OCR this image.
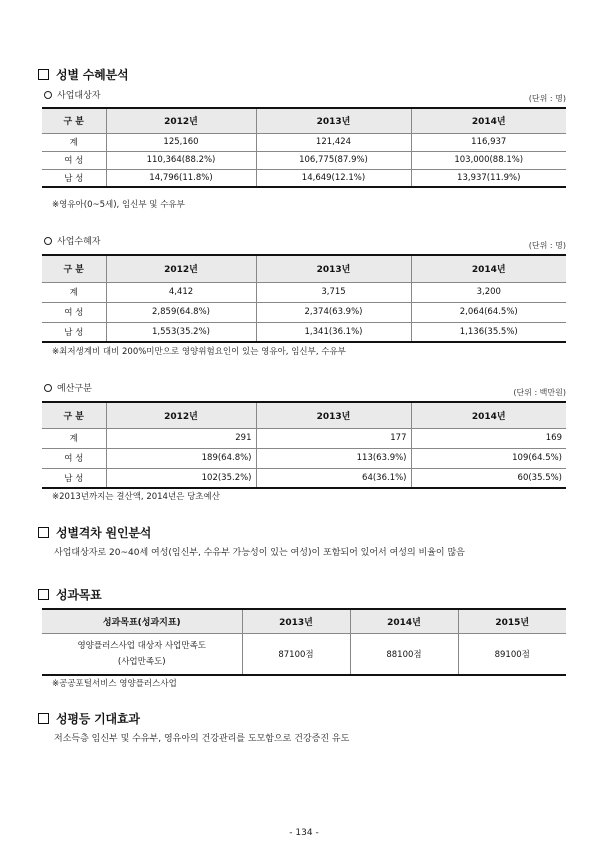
성별 수혜분석
사업대상자	(단위 : 명)
구 분	2012년	2013년	2014년
계	125,160	121,424	116,937
여 성	110,364(88.2%)	106,775(87.9%)	103,000(88.1%)
남 성	14,796(11.8%)	14,649(12.1%)	13,937(11.9%)
※영유아(0~5세), 임신부 및 수유부
사업수혜자	(단위 : 명)
구 분	2012년	2013년	2014년
계	4,412	3,715	3,200
여 성	2,859(64.8%)	2,374(63.9%)	2,064(64.5%)
남 성	1,553(35.2%)	1,341(36.1%)	1,136(35.5%)
※최저생계비 대비 200%미만으로 영양위험요인이 있는 영유아, 임신부, 수유부
예산구분	(단위 : 백만원)
구 분	2012년	2013년	2014년
계	291	177	169
여 성	189(64.8%)	113(63.9%)	109(64.5%)
남 성	102(35.2%)	64(36.1%)	60(35.5%)
※2013년까지는 결산액, 2014년은 당초예산
성별격차 원인분석
사업대상자로 20~40세 여성(임신부, 수유부 가능성이 있는 여성)이 포함되어 있어서 여성의 비율이 많음
성과목표
성과목표(성과지표)	2013년	2014년	2015년

영양플러스사업 대상자 사업만족도
(사업만족도)	87100점	88100점	89100점
※공공포털서비스 영양플러스사업
성평등 기대효과
저소득층 임신부 및 수유부, 영유아의 건강관리를 도모함으로 건강증진 유도
- 134 -
